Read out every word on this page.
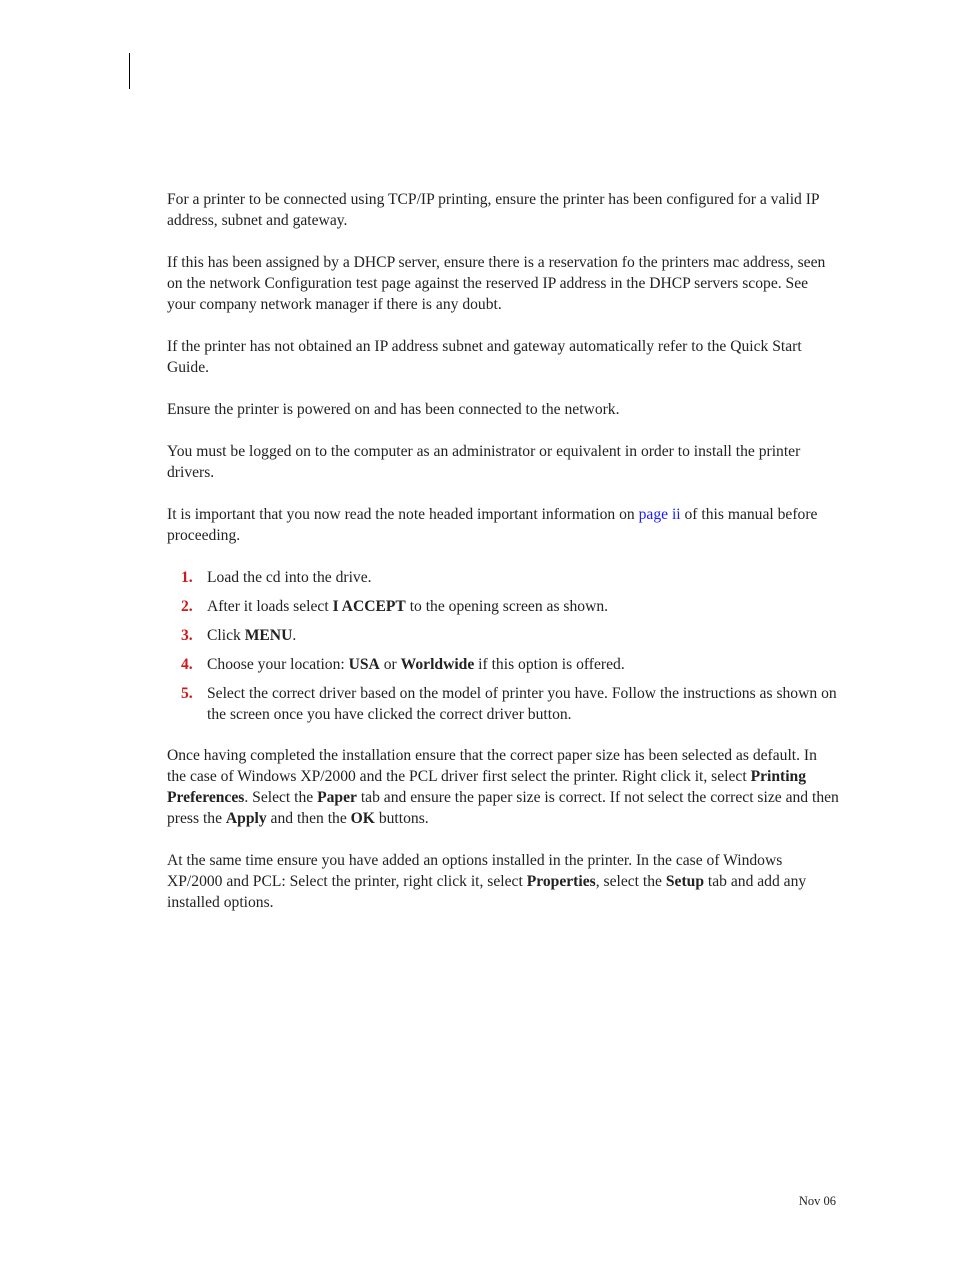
For a printer to be connected using TCP/IP printing, ensure the printer has been configured for a valid IP address, subnet and gateway.

If this has been assigned by a DHCP server, ensure there is a reservation fo the printers mac address, seen on the network Configuration test page against the reserved IP address in the DHCP servers scope. See your company network manager if there is any doubt.

If the printer has not obtained an IP address subnet and gateway automatically refer to the Quick Start Guide.

Ensure the printer is powered on and has been connected to the network.

You must be logged on to the computer as an administrator or equivalent in order to install the printer drivers.

It is important that you now read the note headed important information on page ii of this manual before proceeding.

1. Load the cd into the drive.
2. After it loads select I ACCEPT to the opening screen as shown.
3. Click MENU.
4. Choose your location: USA or Worldwide if this option is offered.
5. Select the correct driver based on the model of printer you have. Follow the instructions as shown on the screen once you have clicked the correct driver button.

Once having completed the installation ensure that the correct paper size has been selected as default. In the case of Windows XP/2000 and the PCL driver first select the printer. Right click it, select Printing Preferences. Select the Paper tab and ensure the paper size is correct. If not select the correct size and then press the Apply and then the OK buttons.

At the same time ensure you have added an options installed in the printer. In the case of Windows XP/2000 and PCL: Select the printer, right click it, select Properties, select the Setup tab and add any installed options.

Nov 06
